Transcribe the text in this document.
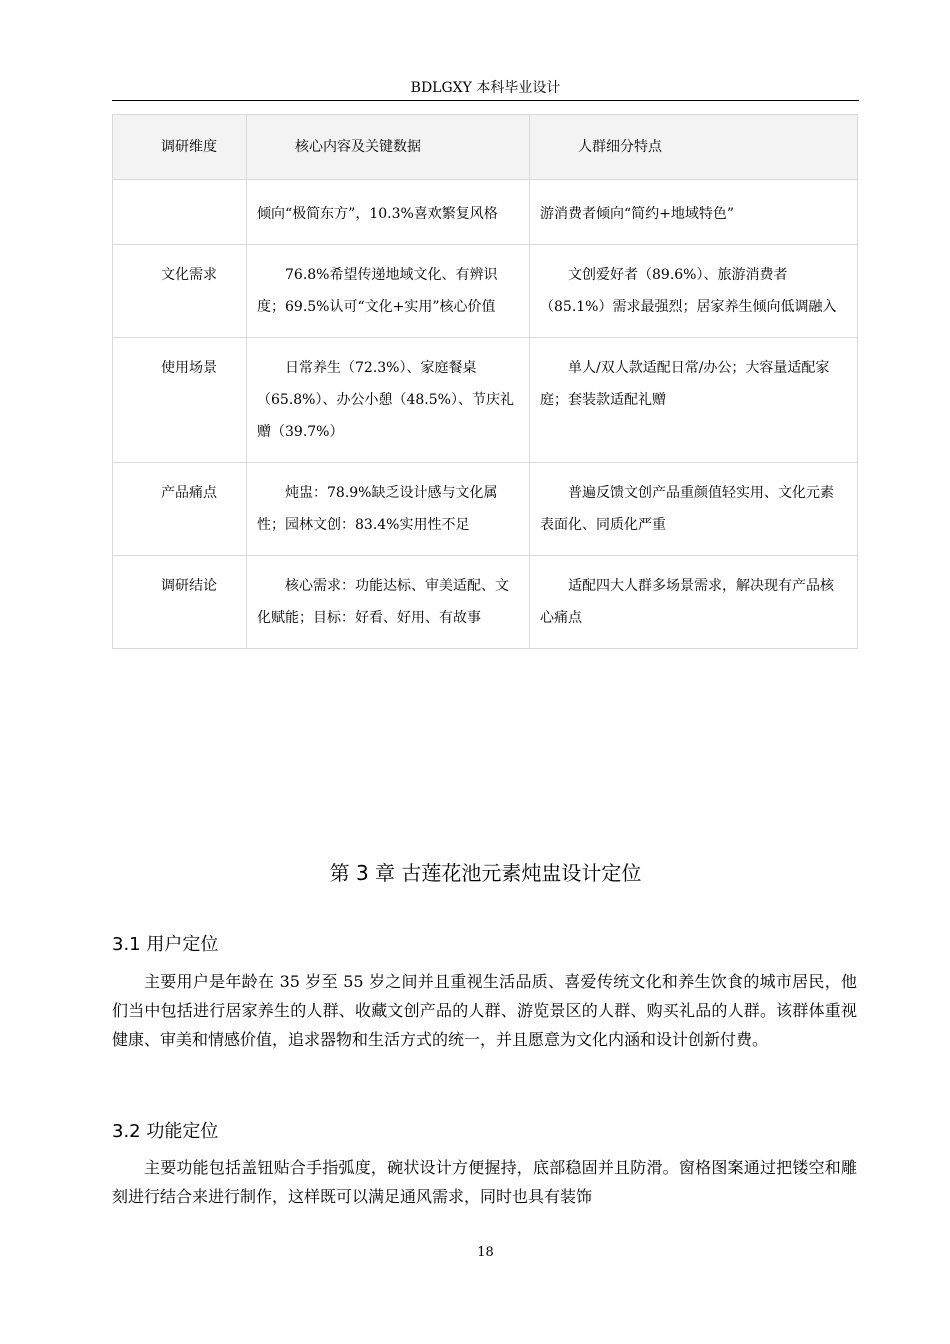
BDLGXY 本科毕业设计
调研维度	核心内容及关键数据	人群细分特点
	倾向“极简东方”，10.3%喜欢繁复风格	游消费者倾向“简约+地域特色”
文化需求	76.8%希望传递地域文化、有辨识度；69.5%认可“文化+实用”核心价值	文创爱好者（89.6%）、旅游消费者（85.1%）需求最强烈；居家养生倾向低调融入
使用场景	日常养生（72.3%）、家庭餐桌（65.8%）、办公小憩（48.5%）、节庆礼赠（39.7%）	单人/双人款适配日常/办公；大容量适配家庭；套装款适配礼赠
产品痛点	炖盅：78.9%缺乏设计感与文化属性；园林文创：83.4%实用性不足	普遍反馈文创产品重颜值轻实用、文化元素表面化、同质化严重
调研结论	核心需求：功能达标、审美适配、文化赋能；目标：好看、好用、有故事	适配四大人群多场景需求，解决现有产品核心痛点
第 3 章 古莲花池元素炖盅设计定位
3.1 用户定位
主要用户是年龄在 35 岁至 55 岁之间并且重视生活品质、喜爱传统文化和养生饮食的城市居民，他们当中包括进行居家养生的人群、收藏文创产品的人群、游览景区的人群、购买礼品的人群。该群体重视健康、审美和情感价值，追求器物和生活方式的统一，并且愿意为文化内涵和设计创新付费。
3.2 功能定位
主要功能包括盖钮贴合手指弧度，碗状设计方便握持，底部稳固并且防滑。窗格图案通过把镂空和雕刻进行结合来进行制作，这样既可以满足通风需求，同时也具有装饰
18
